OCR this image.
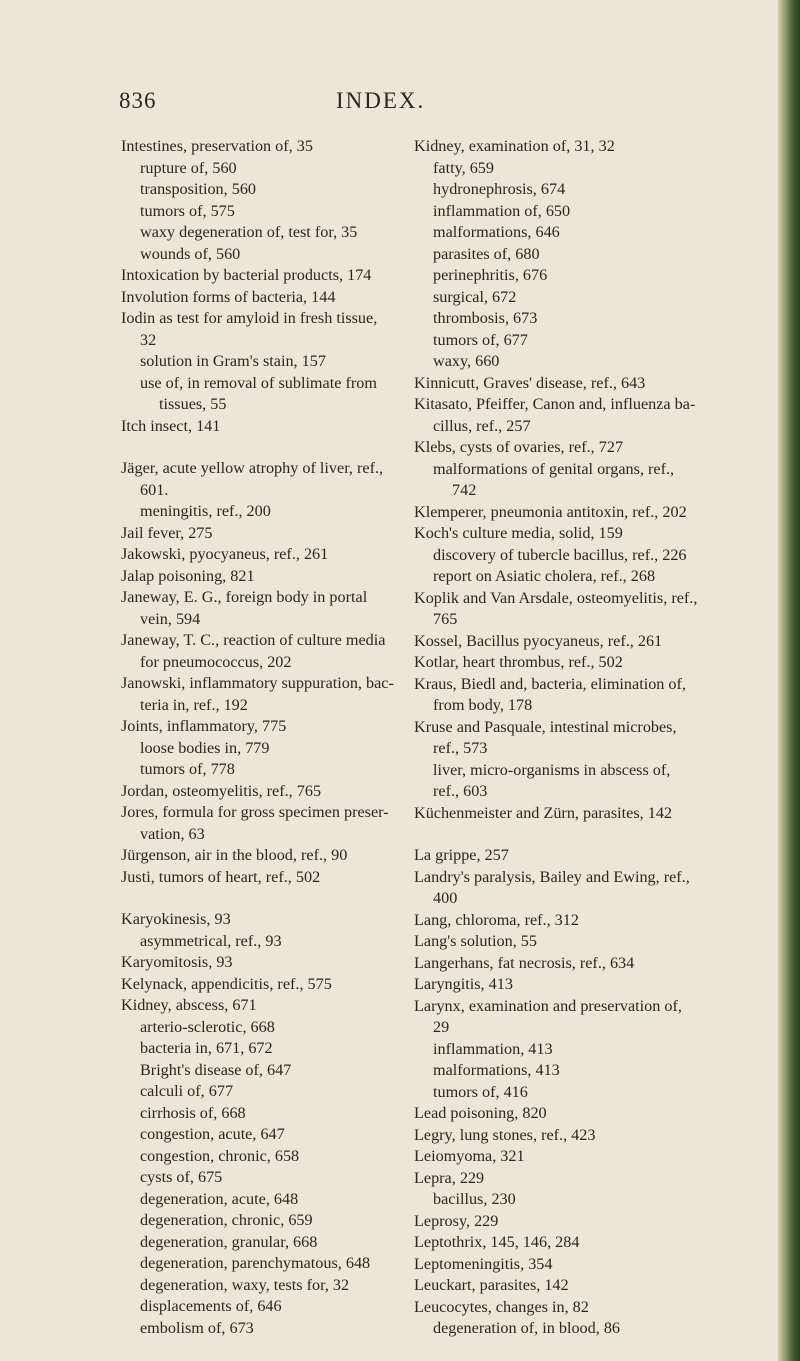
836	INDEX.
Intestines, preservation of, 35
rupture of, 560
transposition, 560
tumors of, 575
waxy degeneration of, test for, 35
wounds of, 560
Intoxication by bacterial products, 174
Involution forms of bacteria, 144
Iodin as test for amyloid in fresh tissue,
32
solution in Gram's stain, 157
use of, in removal of sublimate from
tissues, 55
Itch insect, 141
Jäger, acute yellow atrophy of liver, ref.,
601.
meningitis, ref., 200
Jail fever, 275
Jakowski, pyocyaneus, ref., 261
Jalap poisoning, 821
Janeway, E. G., foreign body in portal
vein, 594
Janeway, T. C., reaction of culture media
for pneumococcus, 202
Janowski, inflammatory suppuration, bac-
teria in, ref., 192
Joints, inflammatory, 775
loose bodies in, 779
tumors of, 778
Jordan, osteomyelitis, ref., 765
Jores, formula for gross specimen preser-
vation, 63
Jürgenson, air in the blood, ref., 90
Justi, tumors of heart, ref., 502
Karyokinesis, 93
asymmetrical, ref., 93
Karyomitosis, 93
Kelynack, appendicitis, ref., 575
Kidney, abscess, 671
arterio-sclerotic, 668
bacteria in, 671, 672
Bright's disease of, 647
calculi of, 677
cirrhosis of, 668
congestion, acute, 647
congestion, chronic, 658
cysts of, 675
degeneration, acute, 648
degeneration, chronic, 659
degeneration, granular, 668
degeneration, parenchymatous, 648
degeneration, waxy, tests for, 32
displacements of, 646
embolism of, 673
Kidney, examination of, 31, 32
fatty, 659
hydronephrosis, 674
inflammation of, 650
malformations, 646
parasites of, 680
perinephritis, 676
surgical, 672
thrombosis, 673
tumors of, 677
waxy, 660
Kinnicutt, Graves' disease, ref., 643
Kitasato, Pfeiffer, Canon and, influenza ba-
cillus, ref., 257
Klebs, cysts of ovaries, ref., 727
malformations of genital organs, ref.,
742
Klemperer, pneumonia antitoxin, ref., 202
Koch's culture media, solid, 159
discovery of tubercle bacillus, ref., 226
report on Asiatic cholera, ref., 268
Koplik and Van Arsdale, osteomyelitis, ref.,
765
Kossel, Bacillus pyocyaneus, ref., 261
Kotlar, heart thrombus, ref., 502
Kraus, Biedl and, bacteria, elimination of,
from body, 178
Kruse and Pasquale, intestinal microbes,
ref., 573
liver, micro-organisms in abscess of,
ref., 603
Küchenmeister and Zürn, parasites, 142
La grippe, 257
Landry's paralysis, Bailey and Ewing, ref.,
400
Lang, chloroma, ref., 312
Lang's solution, 55
Langerhans, fat necrosis, ref., 634
Laryngitis, 413
Larynx, examination and preservation of,
29
inflammation, 413
malformations, 413
tumors of, 416
Lead poisoning, 820
Legry, lung stones, ref., 423
Leiomyoma, 321
Lepra, 229
bacillus, 230
Leprosy, 229
Leptothrix, 145, 146, 284
Leptomeningitis, 354
Leuckart, parasites, 142
Leucocytes, changes in, 82
degeneration of, in blood, 86
